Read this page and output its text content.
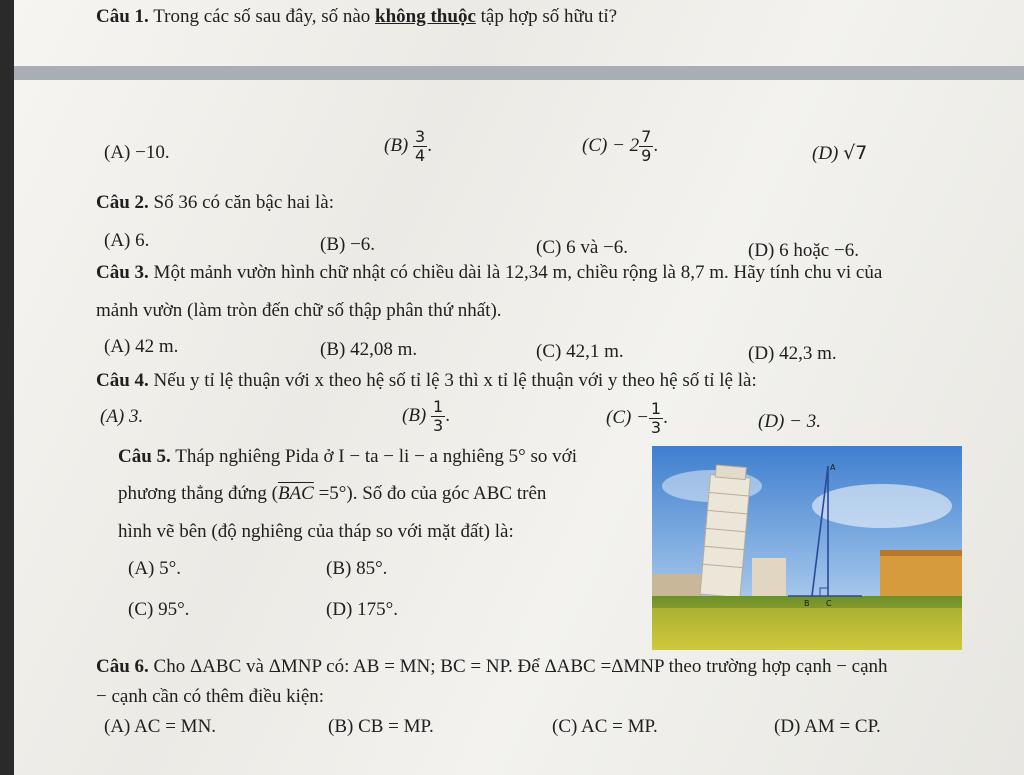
Câu 1. Trong các số sau đây, số nào không thuộc tập hợp số hữu tỉ?
(A) −10.	$(B) \frac{3}{4}$ .	$(C) - 2 \frac{7}{9}$ .	(D) √7
Câu 2. Số 36 có căn bậc hai là:
(A) 6.	(B) −6.	(C) 6 và −6.	(D) 6 hoặc −6.
Câu 3. Một mảnh vườn hình chữ nhật có chiều dài là 12,34 m, chiều rộng là 8,7 m. Hãy tính chu vi của
mảnh vườn (làm tròn đến chữ số thập phân thứ nhất).
(A) 42 m.	(B) 42,08 m.	(C) 42,1 m.	(D) 42,3 m.
Câu 4. Nếu y tỉ lệ thuận với x theo hệ số tỉ lệ 3 thì x tỉ lệ thuận với y theo hệ số tỉ lệ là:
(A) 3.	$(B) \frac{1}{3}$ .	$(C) - \frac{1}{3}$ .	(D) − 3.
Câu 5. Tháp nghiêng Pida ở I − ta − li − a nghiêng 5° so với
phương thẳng đứng $(\overline{BAC} =5^\circ)$. Số đo của góc ABC trên
hình vẽ bên (độ nghiêng của tháp so với mặt đất) là:
(A) 5°.	(B) 85°.
(C) 95°.	(D) 175°.
A
B C
Câu 6. Cho ΔABC và ΔMNP có: AB = MN; BC = NP. Để ΔABC =ΔMNP theo trường hợp cạnh − cạnh
− cạnh cần có thêm điều kiện:
(A) AC = MN.	(B) CB = MP.	(C) AC = MP.	(D) AM = CP.
